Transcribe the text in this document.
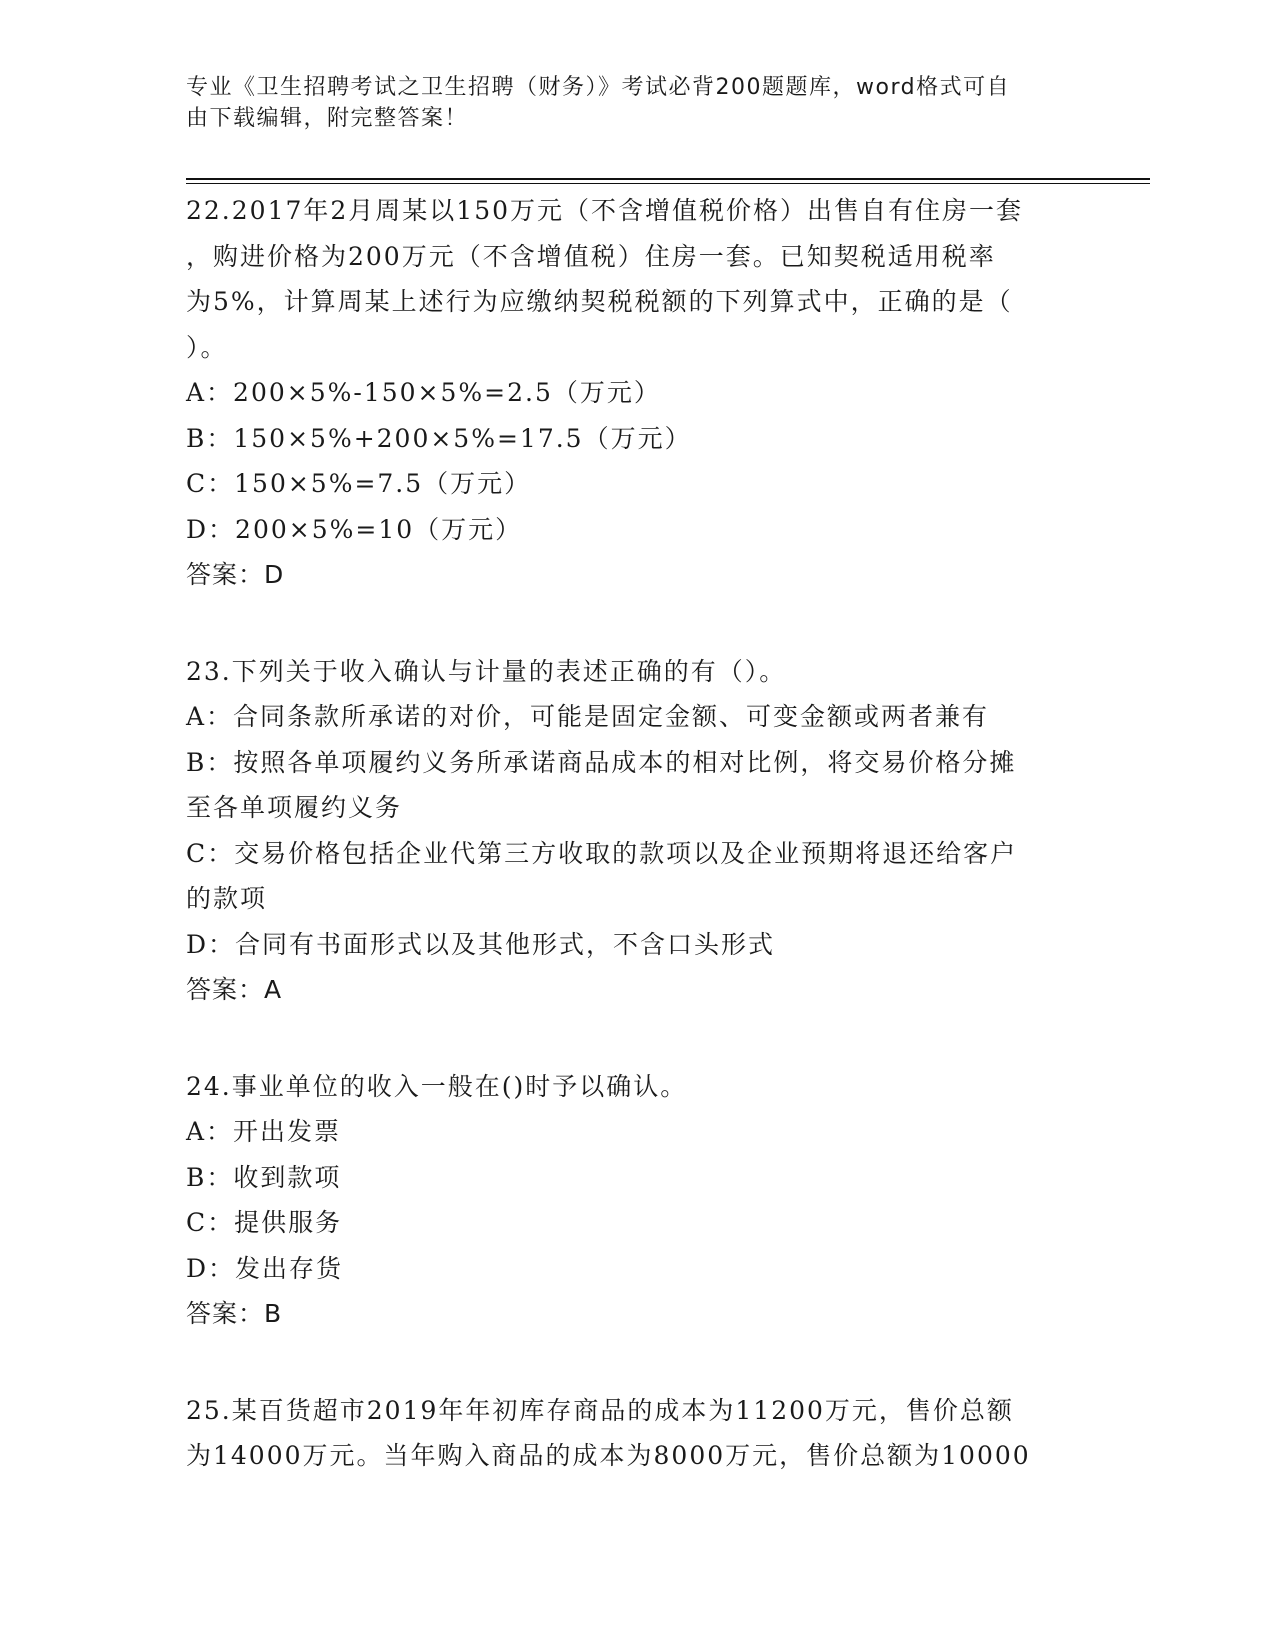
专业《卫生招聘考试之卫生招聘（财务）》考试必背200题题库，word格式可自
由下载编辑，附完整答案！
22.2017年2月周某以150万元（不含增值税价格）出售自有住房一套
，购进价格为200万元（不含增值税）住房一套。已知契税适用税率
为5%，计算周某上述行为应缴纳契税税额的下列算式中，正确的是（
）。
A：200×5%-150×5%=2.5（万元）
B：150×5%+200×5%=17.5（万元）
C：150×5%=7.5（万元）
D：200×5%=10（万元）
答案：D
23.下列关于收入确认与计量的表述正确的有（）。
A：合同条款所承诺的对价，可能是固定金额、可变金额或两者兼有
B：按照各单项履约义务所承诺商品成本的相对比例，将交易价格分摊
至各单项履约义务
C：交易价格包括企业代第三方收取的款项以及企业预期将退还给客户
的款项
D：合同有书面形式以及其他形式，不含口头形式
答案：A
24.事业单位的收入一般在()时予以确认。
A：开出发票
B：收到款项
C：提供服务
D：发出存货
答案：B
25.某百货超市2019年年初库存商品的成本为11200万元，售价总额
为14000万元。当年购入商品的成本为8000万元，售价总额为10000
